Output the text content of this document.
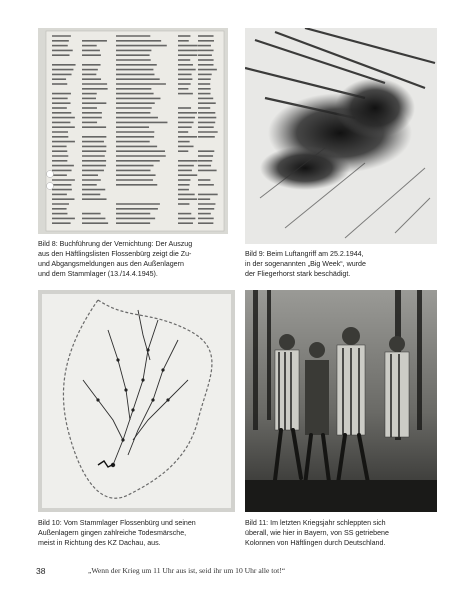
Bild 8: Buchführung der Vernichtung: Der Auszug
aus den Häftlingslisten Flossenbürg zeigt die Zu-
und Abgangsmeldungen aus den Außenlagern
und dem Stammlager (13./14.4.1945).
Bild 9: Beim Luftangriff am 25.2.1944,
in der sogenannten „Big Week“, wurde
der Fliegerhorst stark beschädigt.
Bild 10: Vom Stammlager Flossenbürg und seinen
Außenlagern gingen zahlreiche Todesmärsche,
meist in Richtung des KZ Dachau, aus.
Bild 11: Im letzten Kriegsjahr schleppten sich
überall, wie hier in Bayern, von SS getriebene
Kolonnen von Häftlingen durch Deutschland.
38	„Wenn der Krieg um 11 Uhr aus ist, seid ihr um 10 Uhr alle tot!“
